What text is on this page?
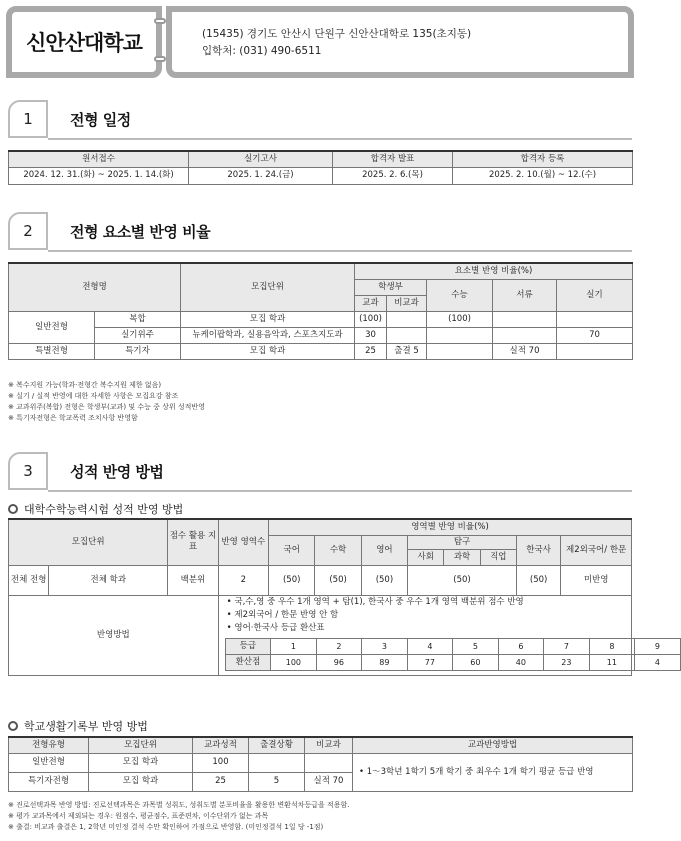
신안산대학교	(15435) 경기도 안산시 단원구 신안산대학로 135(초지동)
입학처: (031) 490-6511
1	전형 일정
원서접수	실기고사	합격자 발표	합격자 등록
2024. 12. 31.(화) ~ 2025. 1. 14.(화)	2025. 1. 24.(금)	2025. 2. 6.(목)	2025. 2. 10.(월) ~ 12.(수)
2	전형 요소별 반영 비율
전형명		모집단위	요소별 반영 비율(%)				
			학생부		수능	서류	실기
			교과	비교과			
일반전형	복합	모집 학과	(100)		(100)		
	실기위주	뉴케이팝학과, 실용음악과, 스포츠지도과	30				70
특별전형	특기자	모집 학과	25	출결 5		실적 70	
※ 복수지원 가능(학과·전형간 복수지원 제한 없음)
※ 실기 / 실적 반영에 대한 자세한 사항은 모집요강 참조
※ 교과위주(복합) 전형은 학생부(교과) 및 수능 중 상위 성적반영
※ 특기자전형은 학교폭력 조치사항 반영함
3	성적 반영 방법
대학수학능력시험 성적 반영 방법
모집단위	점수 활용 지표	반영 영역수	영역별 반영 비율(%)
국어	수학	영어	탐구	한국사	제2외국어/ 한문
사회	과학	직업
전체 전형	전체 학과	백분위	2	(50)	(50)	(50)	(50)	(50)	미반영
반영방법	
• 국,수,영 중 우수 1개 영역 + 탐(1), 한국사 중 우수 1개 영역 백분위 점수 반영
• 제2외국어 / 한문 반영 안 함
• 영어·한국사 등급 환산표
등급	1	2	3	4	5	6	7	8	9
환산점	100	96	89	77	60	40	23	11	4
학교생활기록부 반영 방법
전형유형	모집단위	교과성적	출결상황	비교과	교과반영방법
일반전형	모집 학과	100			• 1～3학년 1학기 5개 학기 중 최우수 1개 학기 평균 등급 반영
특기자전형	모집 학과	25	5	실적 70	
※ 진로선택과목 반영 방법: 진로선택과목은 과목별 성취도, 성취도별 분포비율을 활용한 변환석차등급을 적용함.
※ 평가 교과목에서 제외되는 경우: 원점수, 평균점수, 표준편차, 이수단위가 없는 과목
※ 출결: 비교과 출결은 1, 2학년 미인정 결석 수만 확인하여 가점으로 반영함. (미인정결석 1일 당 -1점)
